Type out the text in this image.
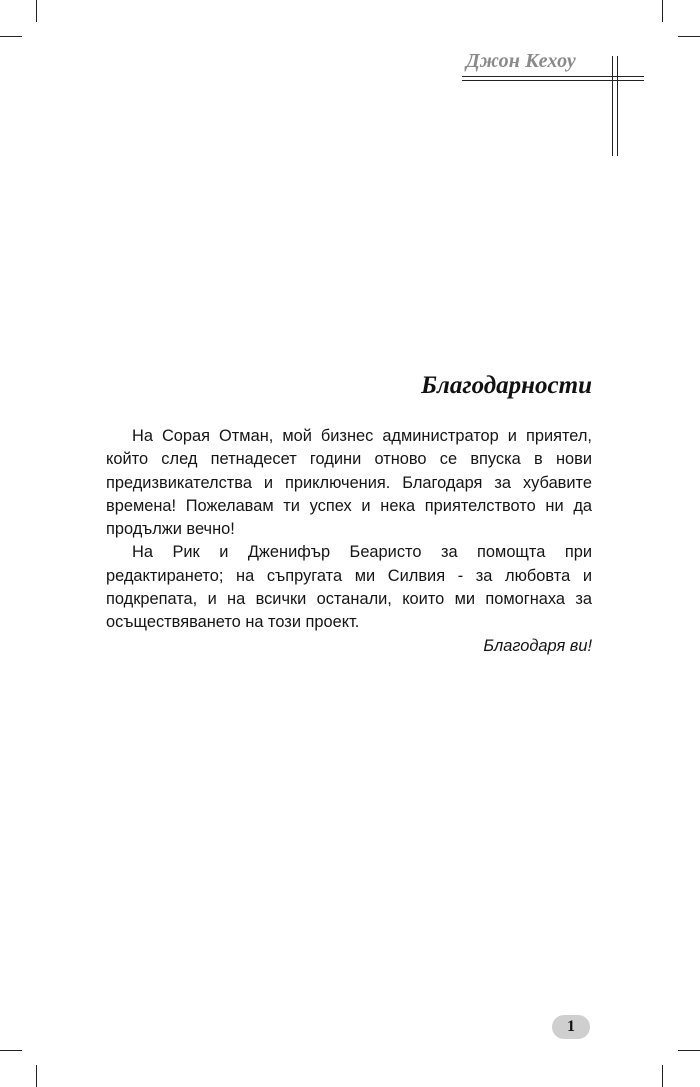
Джон Кехоу
Благодарности

На Сорая Отман, мой бизнес администратор и приятел, който след петнадесет години отново се впуска в нови предизвикателства и приключения. Благодаря за хубавите времена! Пожелавам ти успех и нека приятелството ни да продължи вечно!

На Рик и Дженифър Беаристо за помощта при редактирането; на съпругата ми Силвия - за любовта и подкрепата, и на всички останали, които ми помогнаха за осъществяването на този проект.

Благодаря ви!

1
